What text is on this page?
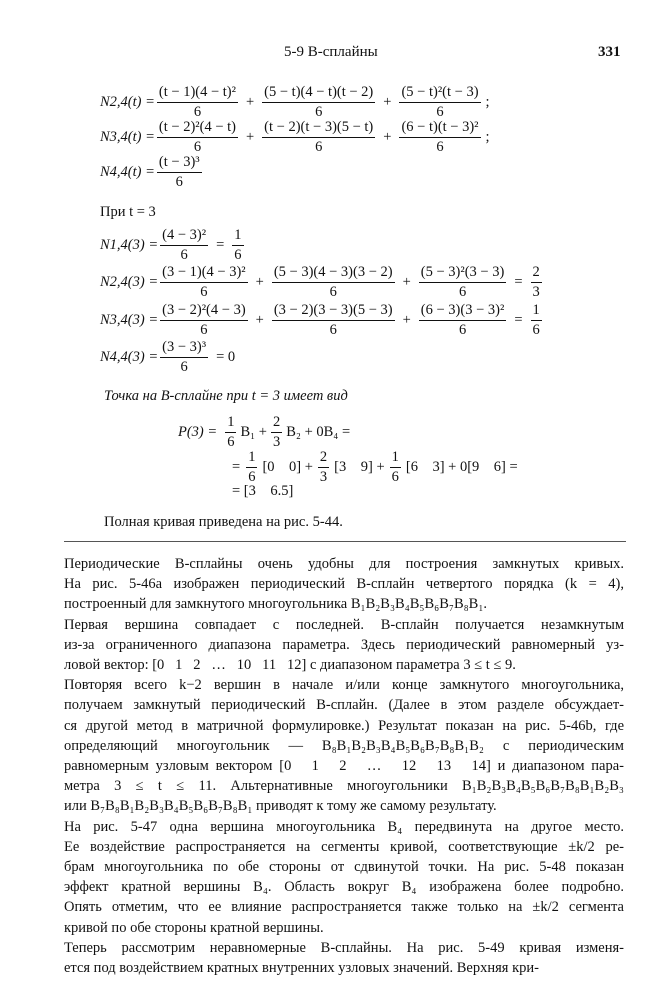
5-9 В-сплайны	331
$N2,4(t) = \frac{\text{(t − 1)(4 − t)²}}{6} + \frac{(5 - t)(4 - t)(t - 2)}{6} + \frac{\text{(5 − t)²(t − 3)}}{6}$ ;
$N3,4(t) = \frac{\text{(t − 2)²(4 − t)}}{6} + \frac{(t - 2)(t - 3)(5 - t)}{6} + \frac{\text{(6 − t)(t − 3)²}}{6}$ ;
$N4,4(t) = \frac{\text{(t − 3)³}}{6}$
При t = 3
$N1,4(3) = \frac{\text{(4 − 3)²}}{6} = \frac{1}{6}$
$N2,4(3) = \frac{\text{(3 − 1)(4 − 3)²}}{6} + \frac{(5 - 3)(4 - 3)(3 - 2)}{6} + \frac{\text{(5 − 3)²(3 − 3)}}{6} = \frac{2}{3}$
$N3,4(3) = \frac{\text{(3 − 2)²(4 − 3)}}{6} + \frac{(3 - 2)(3 - 3)(5 - 3)}{6} + \frac{\text{(6 − 3)(3 − 3)²}}{6} = \frac{1}{6}$
$N4,4(3) = \frac{\text{(3 − 3)³}}{6} = 0$
Точка на В-сплайне при t = 3 имеет вид
$P(3) = \frac{1}{6} B_1 + \frac{2}{3} B_2 + 0B_4$ =
= $\frac{1}{6} [0$    $0] + \frac{2}{3} [3$    $9] + \frac{1}{6} [6$    3] + 0[9    6] =
= [3    6.5]
Полная кривая приведена на рис. 5-44.
Периодические В-сплайны очень удобны для построения замкнутых кривых.
На рис. 5-46a изображен периодический В-сплайн четвертого порядка (k = 4),
построенный для замкнутого многоугольника B₁B₂B₃B₄B₅B₆B₇B₈B₁.
Первая вершина совпадает с последней. В-сплайн получается незамкнутым
из-за ограниченного диапазона параметра. Здесь периодический равномерный уз-
ловой вектор: [0   1   2   …   10   11   12] с диапазоном параметра 3 ≤ t ≤ 9.
Повторяя всего k−2 вершин в начале и/или конце замкнутого многоугольника,
получаем замкнутый периодический В-сплайн. (Далее в этом разделе обсуждает-
ся другой метод в матричной формулировке.) Результат показан на рис. 5-46b, где
определяющий многоугольник — B₈B₁B₂B₃B₄B₅B₆B₇B₈B₁B₂ с периодическим
равномерным узловым вектором [0   1   2   …   12   13   14] и диапазоном пара-
метра 3 ≤ t ≤ 11. Альтернативные многоугольники B₁B₂B₃B₄B₅B₆B₇B₈B₁B₂B₃
или B₇B₈B₁B₂B₃B₄B₅B₆B₇B₈B₁ приводят к тому же самому результату.
На рис. 5-47 одна вершина многоугольника B₄ передвинута на другое место.
Ее воздействие распространяется на сегменты кривой, соответствующие ±k/2 ре-
брам многоугольника по обе стороны от сдвинутой точки. На рис. 5-48 показан
эффект кратной вершины B₄. Область вокруг B₄ изображена более подробно.
Опять отметим, что ее влияние распространяется также только на ±k/2 сегмента
кривой по обе стороны кратной вершины.
Теперь рассмотрим неравномерные В-сплайны. На рис. 5-49 кривая изменя-
ется под воздействием кратных внутренних узловых значений. Верхняя кри-
